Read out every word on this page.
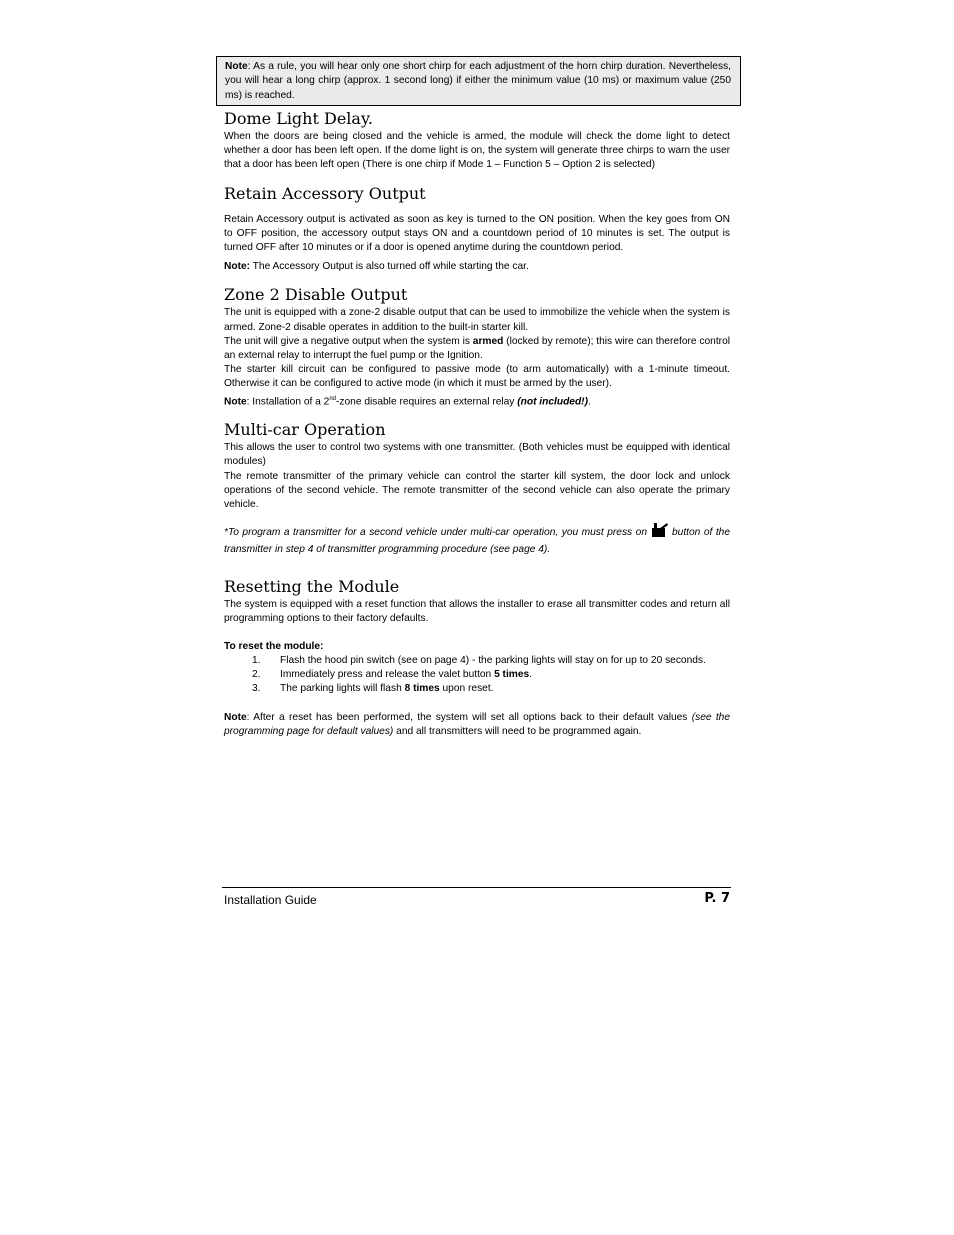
Note: As a rule, you will hear only one short chirp for each adjustment of the horn chirp duration. Nevertheless, you will hear a long chirp (approx. 1 second long) if either the minimum value (10 ms) or maximum value (250 ms) is reached.
Dome Light Delay.

When the doors are being closed and the vehicle is armed, the module will check the dome light to detect whether a door has been left open. If the dome light is on, the system will generate three chirps to warn the user that a door has been left open (There is one chirp if Mode 1 – Function 5 – Option 2 is selected)

Retain Accessory Output

Retain Accessory output is activated as soon as key is turned to the ON position. When the key goes from ON to OFF position, the accessory output stays ON and a countdown period of 10 minutes is set. The output is turned OFF after 10 minutes or if a door is opened anytime during the countdown period.

Note: The Accessory Output is also turned off while starting the car.

Zone 2 Disable Output

The unit is equipped with a zone-2 disable output that can be used to immobilize the vehicle when the system is armed. Zone-2 disable operates in addition to the built-in starter kill.

The unit will give a negative output when the system is armed (locked by remote); this wire can therefore control an external relay to interrupt the fuel pump or the Ignition.

The starter kill circuit can be configured to passive mode (to arm automatically) with a 1-minute timeout. Otherwise it can be configured to active mode (in which it must be armed by the user).

Note: Installation of a 2nd-zone disable requires an external relay (not included!).

Multi-car Operation

This allows the user to control two systems with one transmitter. (Both vehicles must be equipped with identical modules)

The remote transmitter of the primary vehicle can control the starter kill system, the door lock and unlock operations of the second vehicle. The remote transmitter of the second vehicle can also operate the primary vehicle.

*To program a transmitter for a second vehicle under multi-car operation, you must press on  button of the transmitter in step 4 of transmitter programming procedure (see page 4).

Resetting the Module

The system is equipped with a reset function that allows the installer to erase all transmitter codes and return all programming options to their factory defaults.

To reset the module:

1.	Flash the hood pin switch (see on page 4) - the parking lights will stay on for up to 20 seconds.
2.	Immediately press and release the valet button 5 times.
3.	The parking lights will flash 8 times upon reset.

Note: After a reset has been performed, the system will set all options back to their default values (see the programming page for default values) and all transmitters will need to be programmed again.

Installation Guide	P. 7
